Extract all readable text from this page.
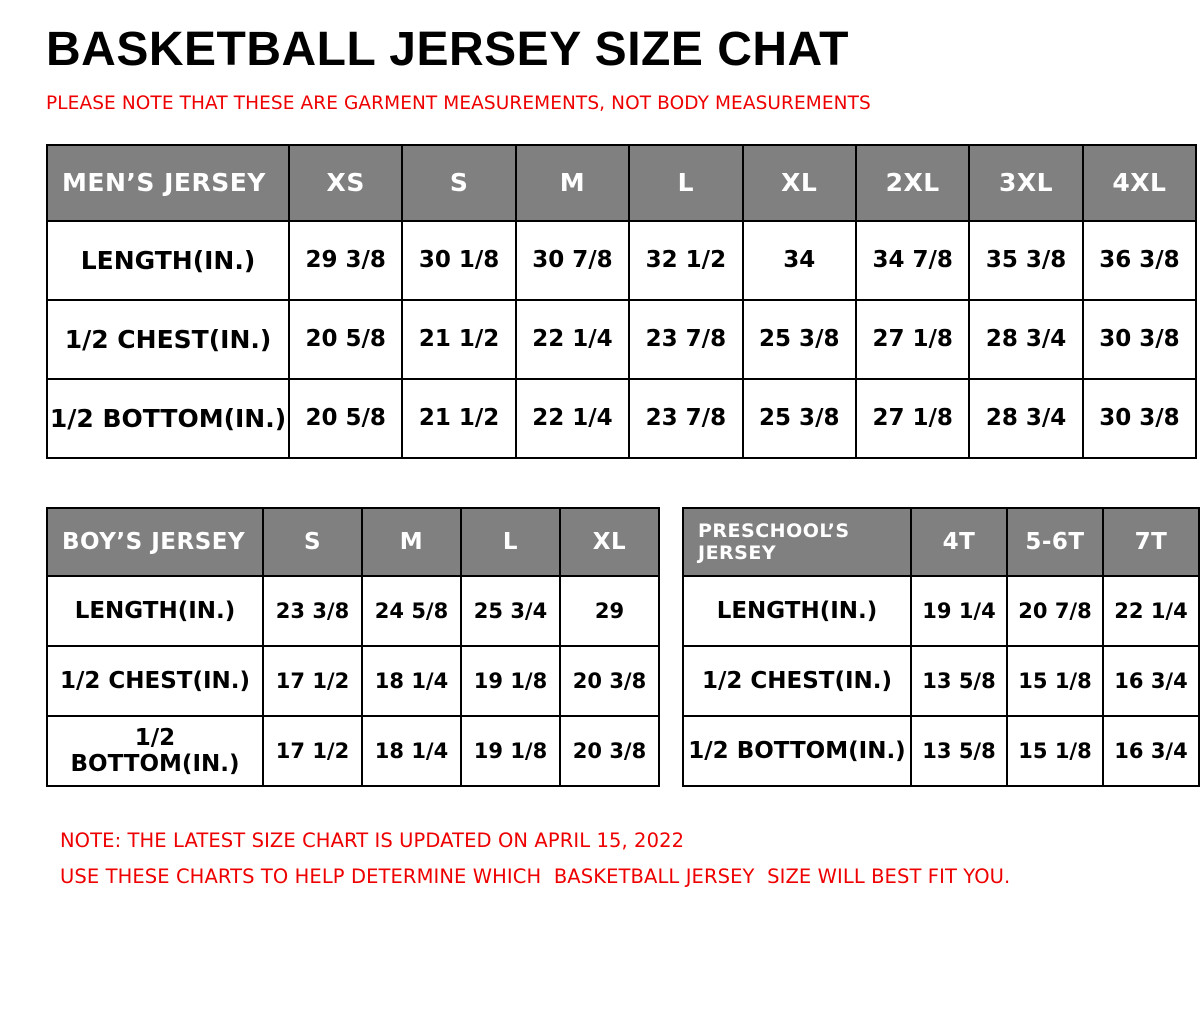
BASKETBALL JERSEY SIZE CHAT
PLEASE NOTE THAT THESE ARE GARMENT MEASUREMENTS, NOT BODY MEASUREMENTS
MEN’S JERSEY	XS	S	M	L	XL	2XL	3XL	4XL
LENGTH(IN.)	29 3/8	30 1/8	30 7/8	32 1/2	34	34 7/8	35 3/8	36 3/8
1/2 CHEST(IN.)	20 5/8	21 1/2	22 1/4	23 7/8	25 3/8	27 1/8	28 3/4	30 3/8
1/2 BOTTOM(IN.)	20 5/8	21 1/2	22 1/4	23 7/8	25 3/8	27 1/8	28 3/4	30 3/8
BOY’S JERSEY	S	M	L	XL
LENGTH(IN.)	23 3/8	24 5/8	25 3/4	29
1/2 CHEST(IN.)	17 1/2	18 1/4	19 1/8	20 3/8
1/2 BOTTOM(IN.)	17 1/2	18 1/4	19 1/8	20 3/8
PRESCHOOL’S JERSEY	4T	5-6T	7T
LENGTH(IN.)	19 1/4	20 7/8	22 1/4
1/2 CHEST(IN.)	13 5/8	15 1/8	16 3/4
1/2 BOTTOM(IN.)	13 5/8	15 1/8	16 3/4
NOTE: THE LATEST SIZE CHART IS UPDATED ON APRIL 15, 2022
USE THESE CHARTS TO HELP DETERMINE WHICH  BASKETBALL JERSEY  SIZE WILL BEST FIT YOU.
